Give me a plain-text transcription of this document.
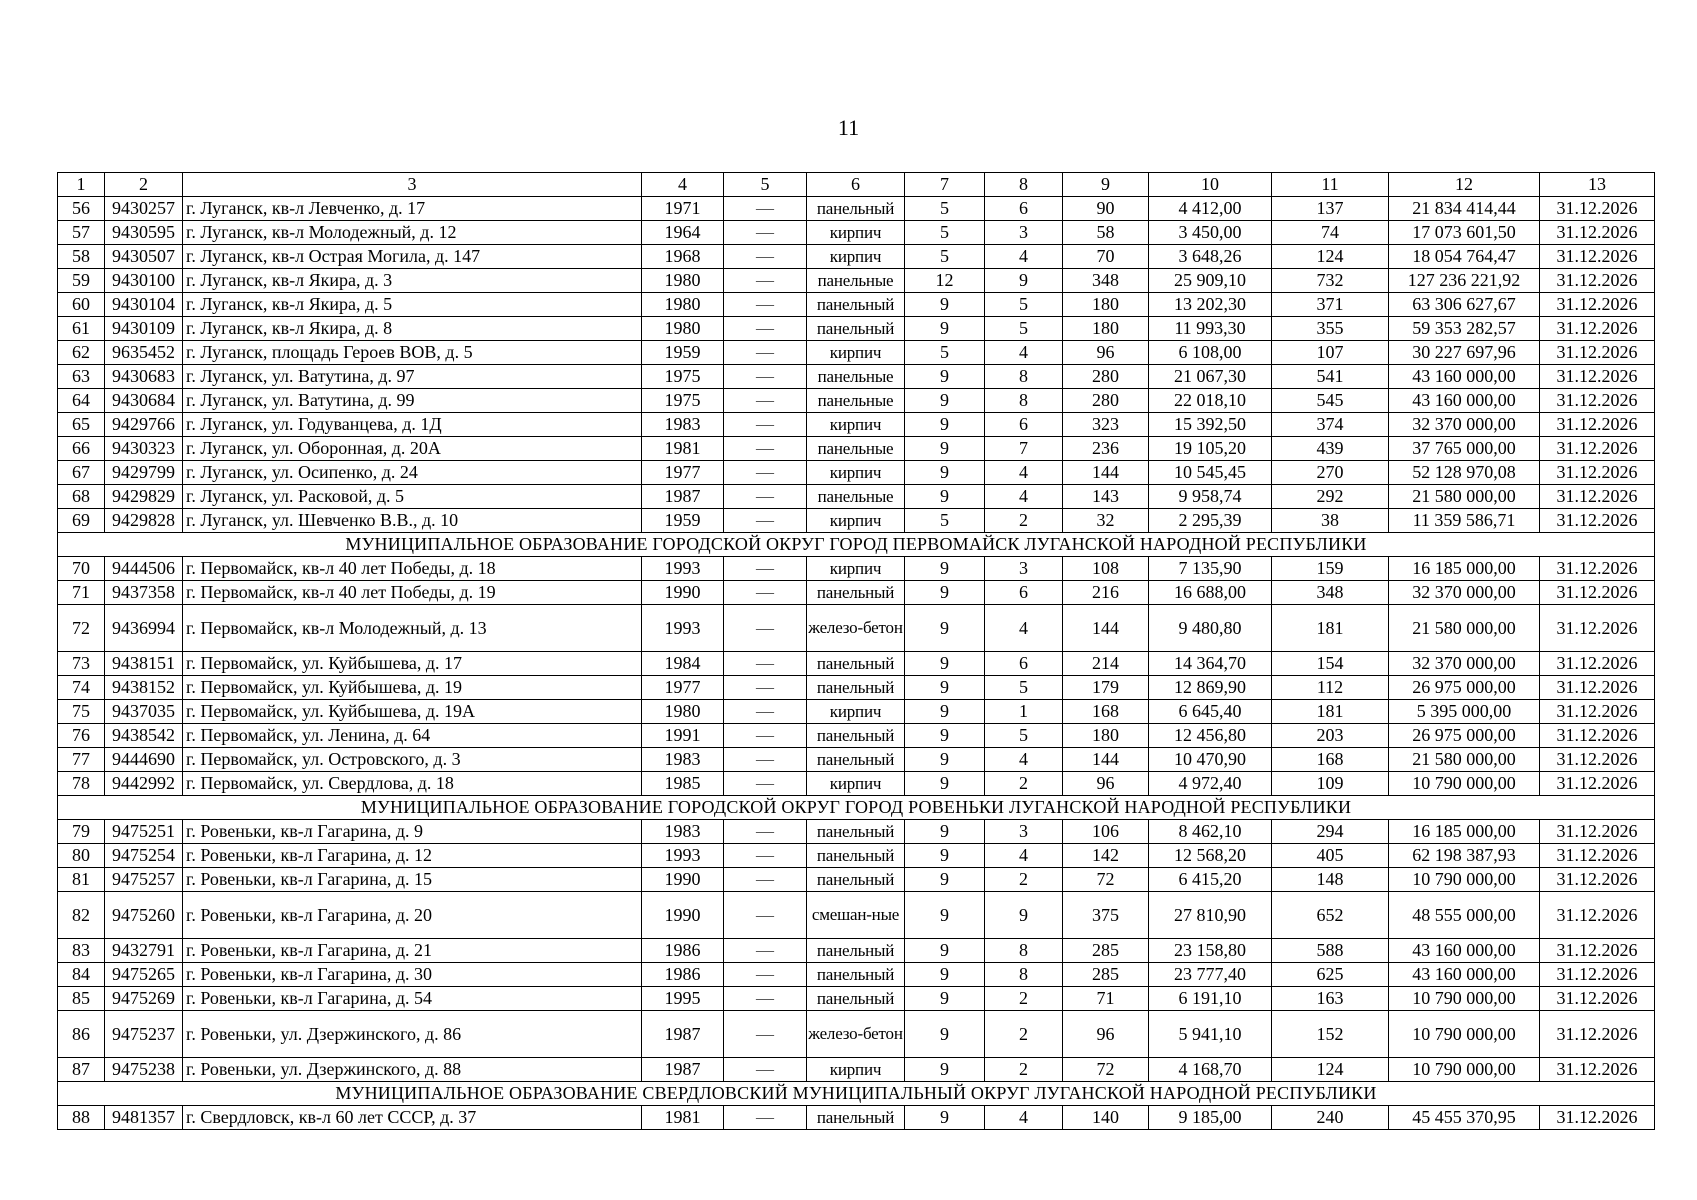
11
1	2	3	4	5	6	7	8	9	10	11	12	13
56	9430257	г. Луганск, кв-л Левченко, д. 17	1971	—	панельный	5	6	90	4 412,00	137	21 834 414,44	31.12.2026
57	9430595	г. Луганск, кв-л Молодежный, д. 12	1964	—	кирпич	5	3	58	3 450,00	74	17 073 601,50	31.12.2026
58	9430507	г. Луганск, кв-л Острая Могила, д. 147	1968	—	кирпич	5	4	70	3 648,26	124	18 054 764,47	31.12.2026
59	9430100	г. Луганск, кв-л Якира, д. 3	1980	—	панельные	12	9	348	25 909,10	732	127 236 221,92	31.12.2026
60	9430104	г. Луганск, кв-л Якира, д. 5	1980	—	панельный	9	5	180	13 202,30	371	63 306 627,67	31.12.2026
61	9430109	г. Луганск, кв-л Якира, д. 8	1980	—	панельный	9	5	180	11 993,30	355	59 353 282,57	31.12.2026
62	9635452	г. Луганск, площадь Героев ВОВ, д. 5	1959	—	кирпич	5	4	96	6 108,00	107	30 227 697,96	31.12.2026
63	9430683	г. Луганск, ул. Ватутина, д. 97	1975	—	панельные	9	8	280	21 067,30	541	43 160 000,00	31.12.2026
64	9430684	г. Луганск, ул. Ватутина, д. 99	1975	—	панельные	9	8	280	22 018,10	545	43 160 000,00	31.12.2026
65	9429766	г. Луганск, ул. Годуванцева, д. 1Д	1983	—	кирпич	9	6	323	15 392,50	374	32 370 000,00	31.12.2026
66	9430323	г. Луганск, ул. Оборонная, д. 20А	1981	—	панельные	9	7	236	19 105,20	439	37 765 000,00	31.12.2026
67	9429799	г. Луганск, ул. Осипенко, д. 24	1977	—	кирпич	9	4	144	10 545,45	270	52 128 970,08	31.12.2026
68	9429829	г. Луганск, ул. Расковой, д. 5	1987	—	панельные	9	4	143	9 958,74	292	21 580 000,00	31.12.2026
69	9429828	г. Луганск, ул. Шевченко В.В., д. 10	1959	—	кирпич	5	2	32	2 295,39	38	11 359 586,71	31.12.2026
МУНИЦИПАЛЬНОЕ ОБРАЗОВАНИЕ ГОРОДСКОЙ ОКРУГ ГОРОД ПЕРВОМАЙСК ЛУГАНСКОЙ НАРОДНОЙ РЕСПУБЛИКИ												
70	9444506	г. Первомайск, кв-л 40 лет Победы, д. 18	1993	—	кирпич	9	3	108	7 135,90	159	16 185 000,00	31.12.2026
71	9437358	г. Первомайск, кв-л 40 лет Победы, д. 19	1990	—	панельный	9	6	216	16 688,00	348	32 370 000,00	31.12.2026
72	9436994	г. Первомайск, кв-л Молодежный, д. 13	1993	—	железо-бетон	9	4	144	9 480,80	181	21 580 000,00	31.12.2026
73	9438151	г. Первомайск, ул. Куйбышева, д. 17	1984	—	панельный	9	6	214	14 364,70	154	32 370 000,00	31.12.2026
74	9438152	г. Первомайск, ул. Куйбышева, д. 19	1977	—	панельный	9	5	179	12 869,90	112	26 975 000,00	31.12.2026
75	9437035	г. Первомайск, ул. Куйбышева, д. 19А	1980	—	кирпич	9	1	168	6 645,40	181	5 395 000,00	31.12.2026
76	9438542	г. Первомайск, ул. Ленина, д. 64	1991	—	панельный	9	5	180	12 456,80	203	26 975 000,00	31.12.2026
77	9444690	г. Первомайск, ул. Островского, д. 3	1983	—	панельный	9	4	144	10 470,90	168	21 580 000,00	31.12.2026
78	9442992	г. Первомайск, ул. Свердлова, д. 18	1985	—	кирпич	9	2	96	4 972,40	109	10 790 000,00	31.12.2026
МУНИЦИПАЛЬНОЕ ОБРАЗОВАНИЕ ГОРОДСКОЙ ОКРУГ ГОРОД РОВЕНЬКИ ЛУГАНСКОЙ НАРОДНОЙ РЕСПУБЛИКИ												
79	9475251	г. Ровеньки, кв-л Гагарина, д. 9	1983	—	панельный	9	3	106	8 462,10	294	16 185 000,00	31.12.2026
80	9475254	г. Ровеньки, кв-л Гагарина, д. 12	1993	—	панельный	9	4	142	12 568,20	405	62 198 387,93	31.12.2026
81	9475257	г. Ровеньки, кв-л Гагарина, д. 15	1990	—	панельный	9	2	72	6 415,20	148	10 790 000,00	31.12.2026
82	9475260	г. Ровеньки, кв-л Гагарина, д. 20	1990	—	смешан-ные	9	9	375	27 810,90	652	48 555 000,00	31.12.2026
83	9432791	г. Ровеньки, кв-л Гагарина, д. 21	1986	—	панельный	9	8	285	23 158,80	588	43 160 000,00	31.12.2026
84	9475265	г. Ровеньки, кв-л Гагарина, д. 30	1986	—	панельный	9	8	285	23 777,40	625	43 160 000,00	31.12.2026
85	9475269	г. Ровеньки, кв-л Гагарина, д. 54	1995	—	панельный	9	2	71	6 191,10	163	10 790 000,00	31.12.2026
86	9475237	г. Ровеньки, ул. Дзержинского, д. 86	1987	—	железо-бетон	9	2	96	5 941,10	152	10 790 000,00	31.12.2026
87	9475238	г. Ровеньки, ул. Дзержинского, д. 88	1987	—	кирпич	9	2	72	4 168,70	124	10 790 000,00	31.12.2026
МУНИЦИПАЛЬНОЕ ОБРАЗОВАНИЕ СВЕРДЛОВСКИЙ МУНИЦИПАЛЬНЫЙ ОКРУГ ЛУГАНСКОЙ НАРОДНОЙ РЕСПУБЛИКИ												
88	9481357	г. Свердловск, кв-л 60 лет СССР, д. 37	1981	—	панельный	9	4	140	9 185,00	240	45 455 370,95	31.12.2026
